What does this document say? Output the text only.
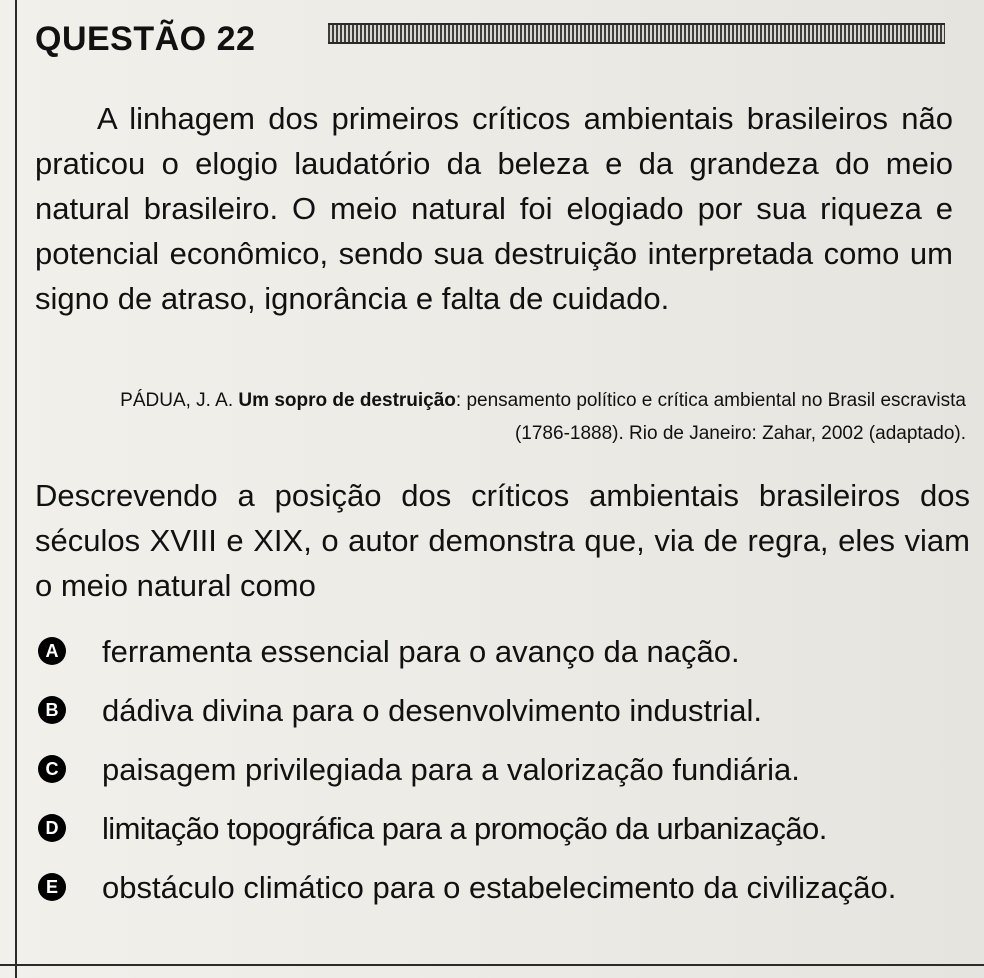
QUESTÃO 22

A linhagem dos primeiros críticos ambientais brasileiros não praticou o elogio laudatório da beleza e da grandeza do meio natural brasileiro. O meio natural foi elogiado por sua riqueza e potencial econômico, sendo sua destruição interpretada como um signo de atraso, ignorância e falta de cuidado.

PÁDUA, J. A. Um sopro de destruição: pensamento político e crítica ambiental no Brasil escravista (1786-1888). Rio de Janeiro: Zahar, 2002 (adaptado).

Descrevendo a posição dos críticos ambientais brasileiros dos séculos XVIII e XIX, o autor demonstra que, via de regra, eles viam o meio natural como

A ferramenta essencial para o avanço da nação.
B dádiva divina para o desenvolvimento industrial.
C paisagem privilegiada para a valorização fundiária.
D limitação topográfica para a promoção da urbanização.
E obstáculo climático para o estabelecimento da civilização.
